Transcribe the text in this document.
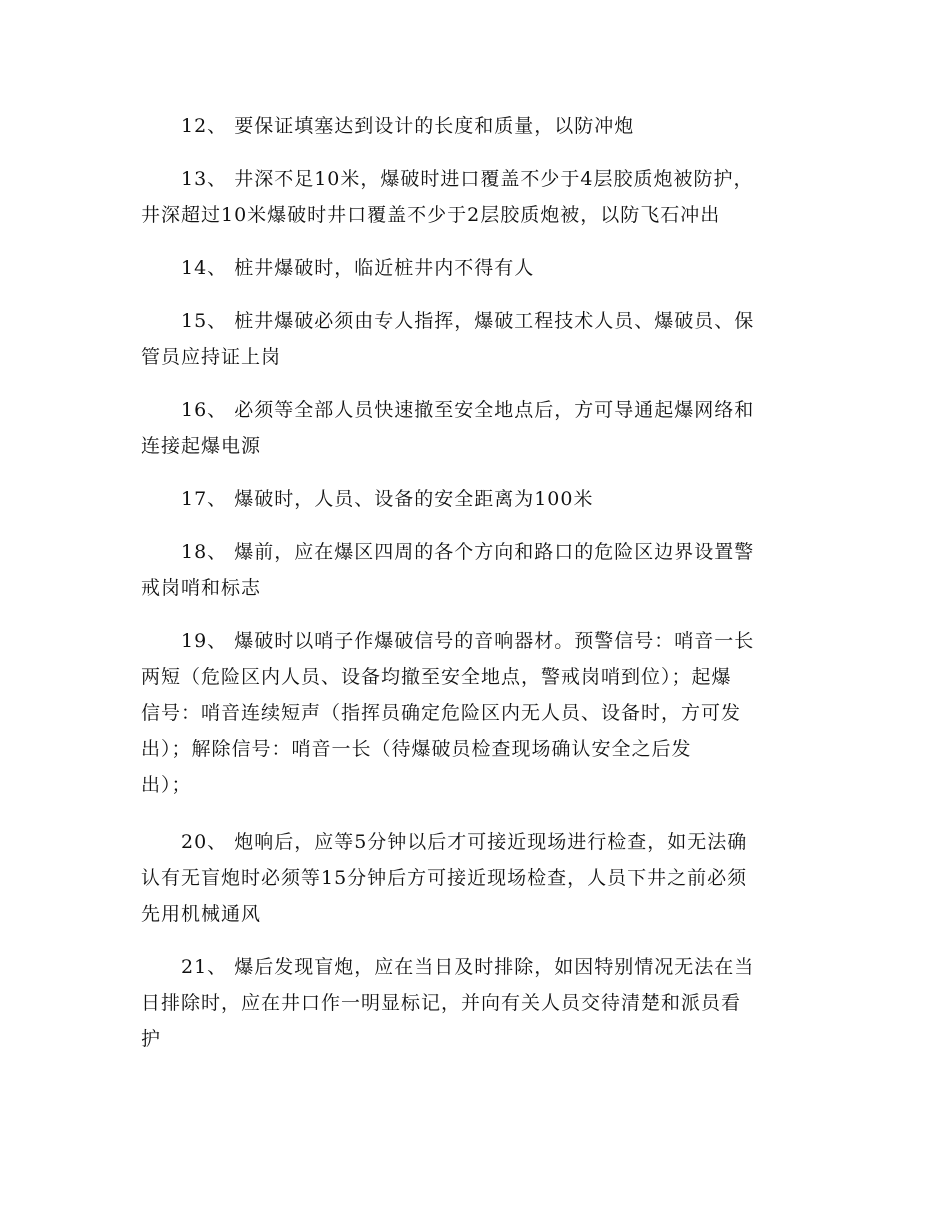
12、 要保证填塞达到设计的长度和质量，以防冲炮
13、 井深不足10米，爆破时进口覆盖不少于4层胶质炮被防护，
井深超过10米爆破时井口覆盖不少于2层胶质炮被，以防飞石冲出
14、 桩井爆破时，临近桩井内不得有人
15、 桩井爆破必须由专人指挥，爆破工程技术人员、爆破员、保
管员应持证上岗
16、 必须等全部人员快速撤至安全地点后，方可导通起爆网络和
连接起爆电源
17、 爆破时，人员、设备的安全距离为100米
18、 爆前，应在爆区四周的各个方向和路口的危险区边界设置警
戒岗哨和标志
19、 爆破时以哨子作爆破信号的音响器材。预警信号：哨音一长
两短（危险区内人员、设备均撤至安全地点，警戒岗哨到位）；起爆
信号：哨音连续短声（指挥员确定危险区内无人员、设备时，方可发
出）；解除信号：哨音一长（待爆破员检查现场确认安全之后发
出）；
20、 炮响后，应等5分钟以后才可接近现场进行检查，如无法确
认有无盲炮时必须等15分钟后方可接近现场检查，人员下井之前必须
先用机械通风
21、 爆后发现盲炮，应在当日及时排除，如因特别情况无法在当
日排除时，应在井口作一明显标记，并向有关人员交待清楚和派员看
护
